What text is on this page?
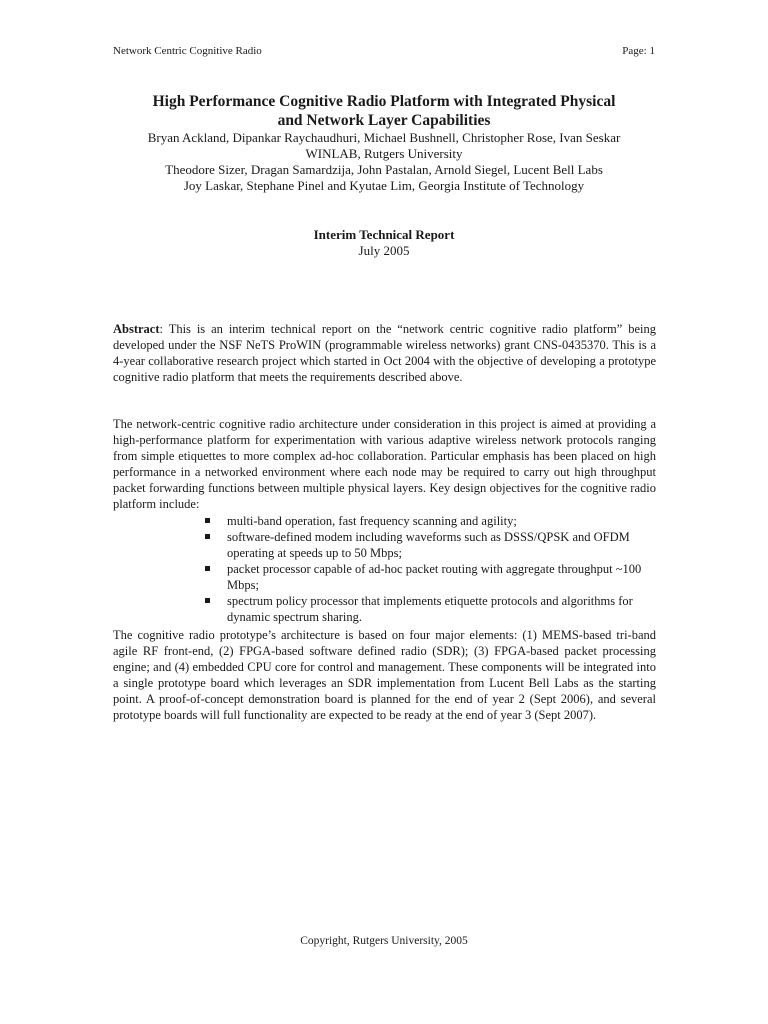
Network Centric Cognitive Radio	Page: 1
High Performance Cognitive Radio Platform with Integrated Physical
and Network Layer Capabilities
Bryan Ackland, Dipankar Raychaudhuri, Michael Bushnell, Christopher Rose, Ivan Seskar
WINLAB, Rutgers University
Theodore Sizer, Dragan Samardzija, John Pastalan, Arnold Siegel, Lucent Bell Labs
Joy Laskar, Stephane Pinel and Kyutae Lim, Georgia Institute of Technology
Interim Technical Report
July 2005
Abstract: This is an interim technical report on the “network centric cognitive radio platform” being developed under the NSF NeTS ProWIN (programmable wireless networks) grant CNS-0435370. This is a 4-year collaborative research project which started in Oct 2004 with the objective of developing a prototype cognitive radio platform that meets the requirements described above.
The network-centric cognitive radio architecture under consideration in this project is aimed at providing a high-performance platform for experimentation with various adaptive wireless network protocols ranging from simple etiquettes to more complex ad-hoc collaboration. Particular emphasis has been placed on high performance in a networked environment where each node may be required to carry out high throughput packet forwarding functions between multiple physical layers. Key design objectives for the cognitive radio platform include:
multi-band operation, fast frequency scanning and agility;
software-defined modem including waveforms such as DSSS/QPSK and OFDM operating at speeds up to 50 Mbps;
packet processor capable of ad-hoc packet routing with aggregate throughput ~100 Mbps;
spectrum policy processor that implements etiquette protocols and algorithms for dynamic spectrum sharing.
The cognitive radio prototype’s architecture is based on four major elements: (1) MEMS-based tri-band agile RF front-end, (2) FPGA-based software defined radio (SDR); (3) FPGA-based packet processing engine; and (4) embedded CPU core for control and management. These components will be integrated into a single prototype board which leverages an SDR implementation from Lucent Bell Labs as the starting point. A proof-of-concept demonstration board is planned for the end of year 2 (Sept 2006), and several prototype boards will full functionality are expected to be ready at the end of year 3 (Sept 2007).
Copyright, Rutgers University, 2005
